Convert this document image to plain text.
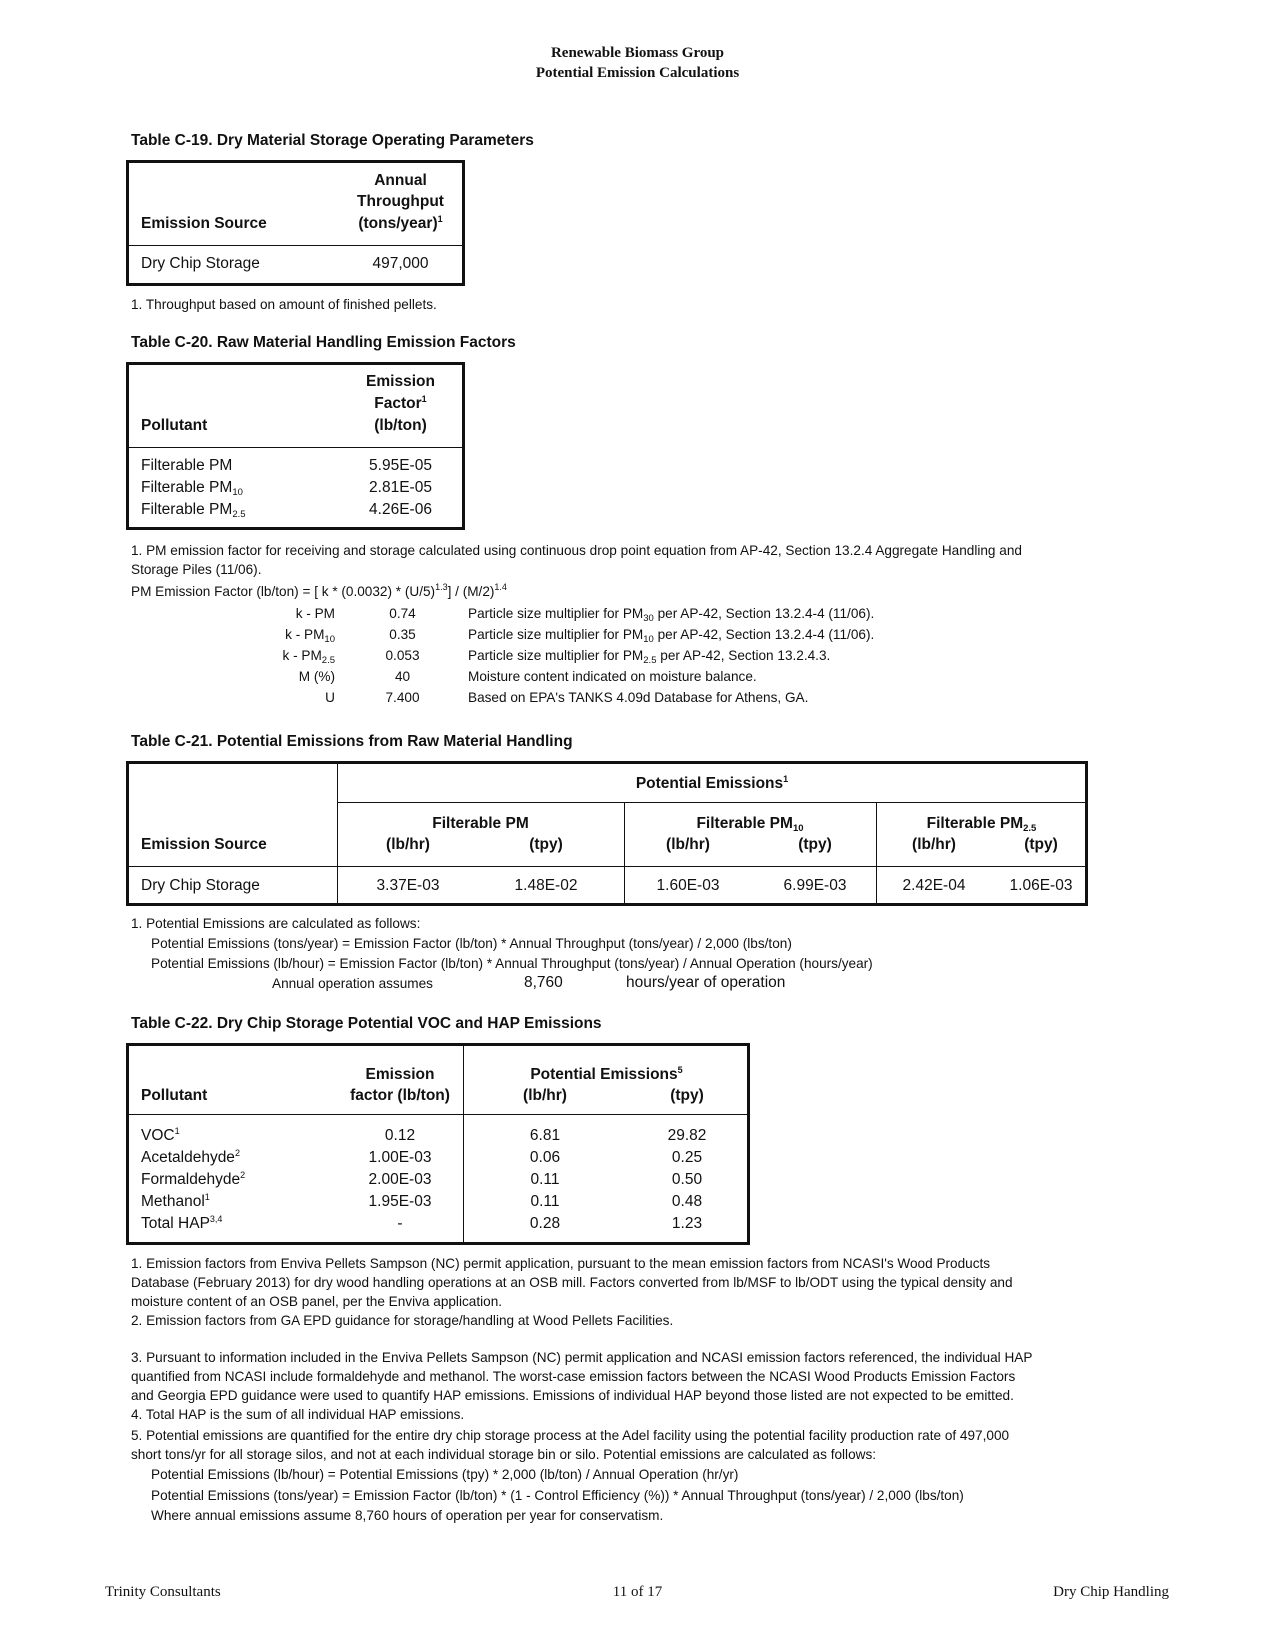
Renewable Biomass Group
Potential Emission Calculations
Table C-19. Dry Material Storage Operating Parameters
Emission Source
Annual
Throughput
(tons/year)$^1$
Dry Chip Storage	497,000
1. Throughput based on amount of finished pellets.
Table C-20. Raw Material Handling Emission Factors
Pollutant
Emission
Factor$^1$
(lb/ton)
Filterable PM	5.95E-05
Filterable $PM_{10}$	2.81E-05
Filterable $PM_{2.5}$	4.26E-06
1. PM emission factor for receiving and storage calculated using continuous drop point equation from AP-42, Section 13.2.4 Aggregate Handling and
Storage Piles (11/06).
PM Emission Factor (lb/ton) = [ k * $(0.0032) * (U/5)^{1.3}] / (M/2)^{1.4}$
k - PM	0.74	Particle size multiplier for $PM_{30}$ per AP-42, Section 13.2.4-4 (11/06).
k - $PM_{10}$	0.35	Particle size multiplier for $PM_{10}$ per AP-42, Section 13.2.4-4 (11/06).
k - $PM_{2.5}$	0.053	Particle size multiplier for $PM_{2.5}$ per AP-42, Section 13.2.4.3.
M (%)	40	Moisture content indicated on moisture balance.
U	7.400	Based on EPA's TANKS 4.09d Database for Athens, GA.
Table C-21. Potential Emissions from Raw Material Handling
Potential Emissions$^1$
Emission Source
Filterable PM	Filterable $PM_{10}$	Filterable $PM_{2.5}$
(lb/hr)	(tpy)	(lb/hr)	(tpy)	(lb/hr)	(tpy)
Dry Chip Storage	3.37E-03	1.48E-02	1.60E-03	6.99E-03	2.42E-04	1.06E-03
1. Potential Emissions are calculated as follows:
Potential Emissions (tons/year) = Emission Factor (lb/ton) * Annual Throughput (tons/year) / 2,000 (lbs/ton)
Potential Emissions (lb/hour) = Emission Factor (lb/ton) * Annual Throughput (tons/year) / Annual Operation (hours/year)
Annual operation assumes	8,760	hours/year of operation
Table C-22. Dry Chip Storage Potential VOC and HAP Emissions
Pollutant
Emission
factor (lb/ton)
Potential Emissions$^5$
(lb/hr)	(tpy)
VOC$^1$	0.12	6.81	29.82
Acetaldehyde$^2$	1.00E-03	0.06	0.25
Formaldehyde$^2$	2.00E-03	0.11	0.50
Methanol$^1$	1.95E-03	0.11	0.48
Total HAP$^{3,4}$	-	0.28	1.23
1. Emission factors from Enviva Pellets Sampson (NC) permit application, pursuant to the mean emission factors from NCASI's Wood Products
Database (February 2013) for dry wood handling operations at an OSB mill. Factors converted from lb/MSF to lb/ODT using the typical density and
moisture content of an OSB panel, per the Enviva application.
2. Emission factors from GA EPD guidance for storage/handling at Wood Pellets Facilities.
3. Pursuant to information included in the Enviva Pellets Sampson (NC) permit application and NCASI emission factors referenced, the individual HAP
quantified from NCASI include formaldehyde and methanol. The worst-case emission factors between the NCASI Wood Products Emission Factors
and Georgia EPD guidance were used to quantify HAP emissions. Emissions of individual HAP beyond those listed are not expected to be emitted.
4. Total HAP is the sum of all individual HAP emissions.
5. Potential emissions are quantified for the entire dry chip storage process at the Adel facility using the potential facility production rate of 497,000
short tons/yr for all storage silos, and not at each individual storage bin or silo. Potential emissions are calculated as follows:
Potential Emissions (lb/hour) = Potential Emissions (tpy) * 2,000 (lb/ton) / Annual Operation (hr/yr)
Potential Emissions (tons/year) = Emission Factor (lb/ton) * (1 - Control Efficiency (%)) * Annual Throughput (tons/year) / 2,000 (lbs/ton)
Where annual emissions assume 8,760 hours of operation per year for conservatism.
Trinity Consultants	11 of 17	Dry Chip Handling
